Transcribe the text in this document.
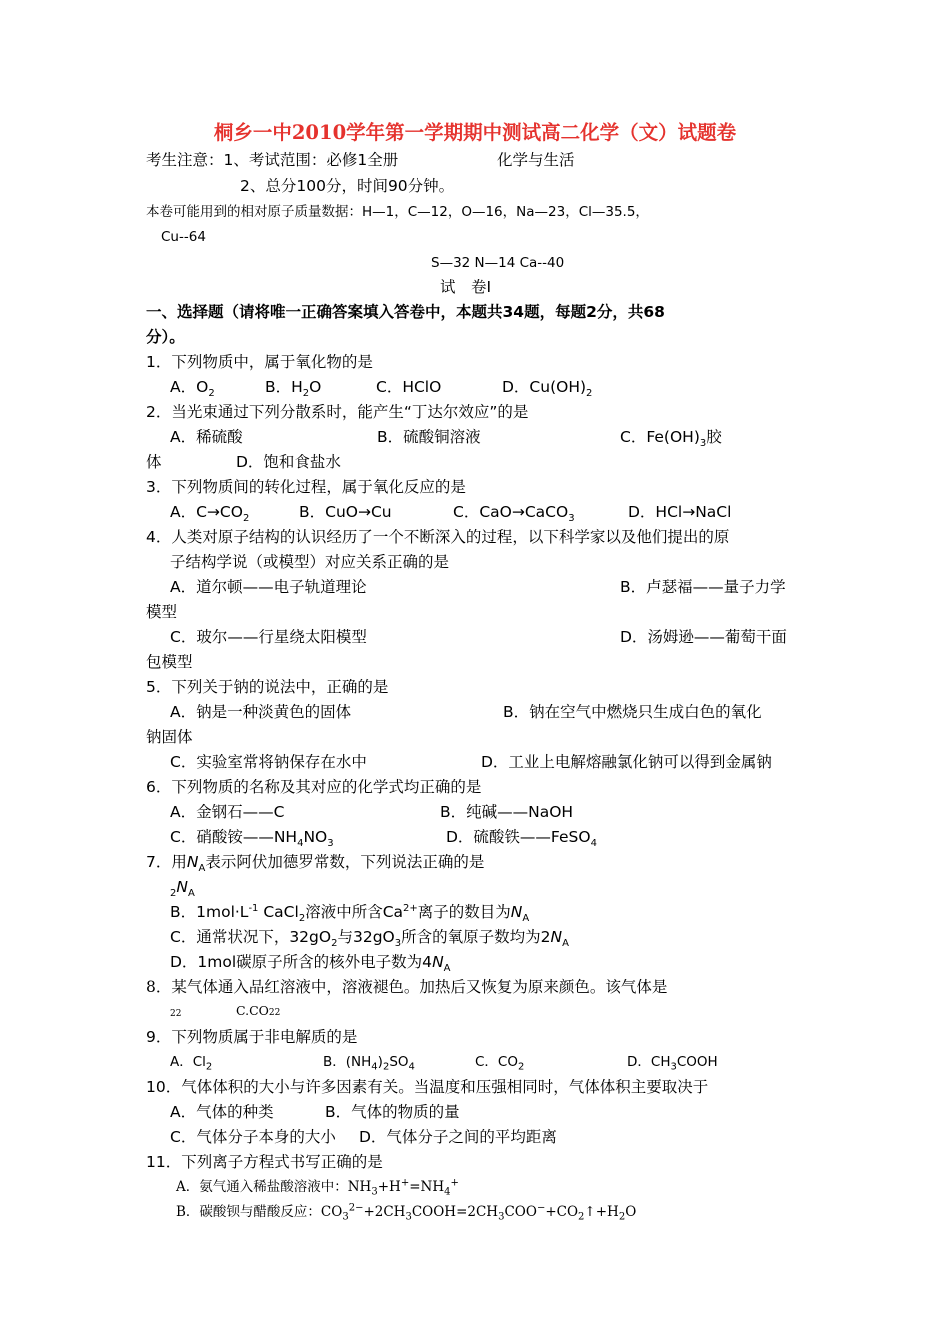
桐乡一中2010学年第一学期期中测试高二化学（文）试题卷
考生注意：1、考试范围：必修1全册	化学与生活
2、总分100分，时间90分钟。
本卷可能用到的相对原子质量数据：H—1，C—12，O—16，Na—23，Cl—35.5，
Cu--64
S—32 N—14 Ca--40
试　卷Ⅰ
一、选择题（请将唯一正确答案填入答卷中，本题共34题，每题2分，共68
分）。
1．下列物质中，属于氧化物的是
A．$O_2$	B．$H_2O$	C．HClO	D．$Cu(OH)_2$
2．当光束通过下列分散系时，能产生“丁达尔效应”的是
A．稀硫酸	B．硫酸铜溶液	C．$Fe(OH)_3$胶
体	D．饱和食盐水
3．下列物质间的转化过程，属于氧化反应的是
A．$C\to CO_2$	B．CuO→Cu	C．CaO→CaCO$_3$	D．HCl→NaCl
4．人类对原子结构的认识经历了一个不断深入的过程，以下科学家以及他们提出的原
子结构学说（或模型）对应关系正确的是
A．道尔顿——电子轨道理论	B．卢瑟福——量子力学
模型
C．玻尔——行星绕太阳模型	D．汤姆逊——葡萄干面
包模型
5．下列关于钠的说法中，正确的是
A．钠是一种淡黄色的固体	B．钠在空气中燃烧只生成白色的氧化
钠固体
C．实验室常将钠保存在水中	D．工业上电解熔融氯化钠可以得到金属钠
6．下列物质的名称及其对应的化学式均正确的是
A．金钢石——C	B．纯碱——NaOH
C．硝酸铵$——NH_4NO_3$	D．硫酸铁——FeSO$_4$
7．用$N_A$表示阿伏加德罗常数，下列说法正确的是
$_2N_A$
B．$1mol\cdot L^{-1}$ CaCl$_2$溶液中所含$Ca^{2+}$离子的数目为$N_A$
C．通常状况下，$32gO_2$与$32gO_3$所含的氧原子数均为$2N_A$
D．1mol碳原子所含的核外电子数为$4N_A$
8．某气体通入品红溶液中，溶液褪色。加热后又恢复为原来颜色。该气体是
22	C.CO22
9．下列物质属于非电解质的是
A．$Cl_2$	B．$(NH_4)_2SO_4$	C．$CO_2$	D．$CH_3COOH$
10．气体体积的大小与许多因素有关。当温度和压强相同时，气体体积主要取决于
A．气体的种类	B．气体的物质的量
C．气体分子本身的大小 D．气体分子之间的平均距离
11．下列离子方程式书写正确的是
A．氨气通入稀盐酸溶液中：$NH_3+H^+=NH_4^+$
B．碳酸钡与醋酸反应：$CO_3^{2-}+2CH_3COOH=2CH_3COO^-+CO_2↑+H_2O$
